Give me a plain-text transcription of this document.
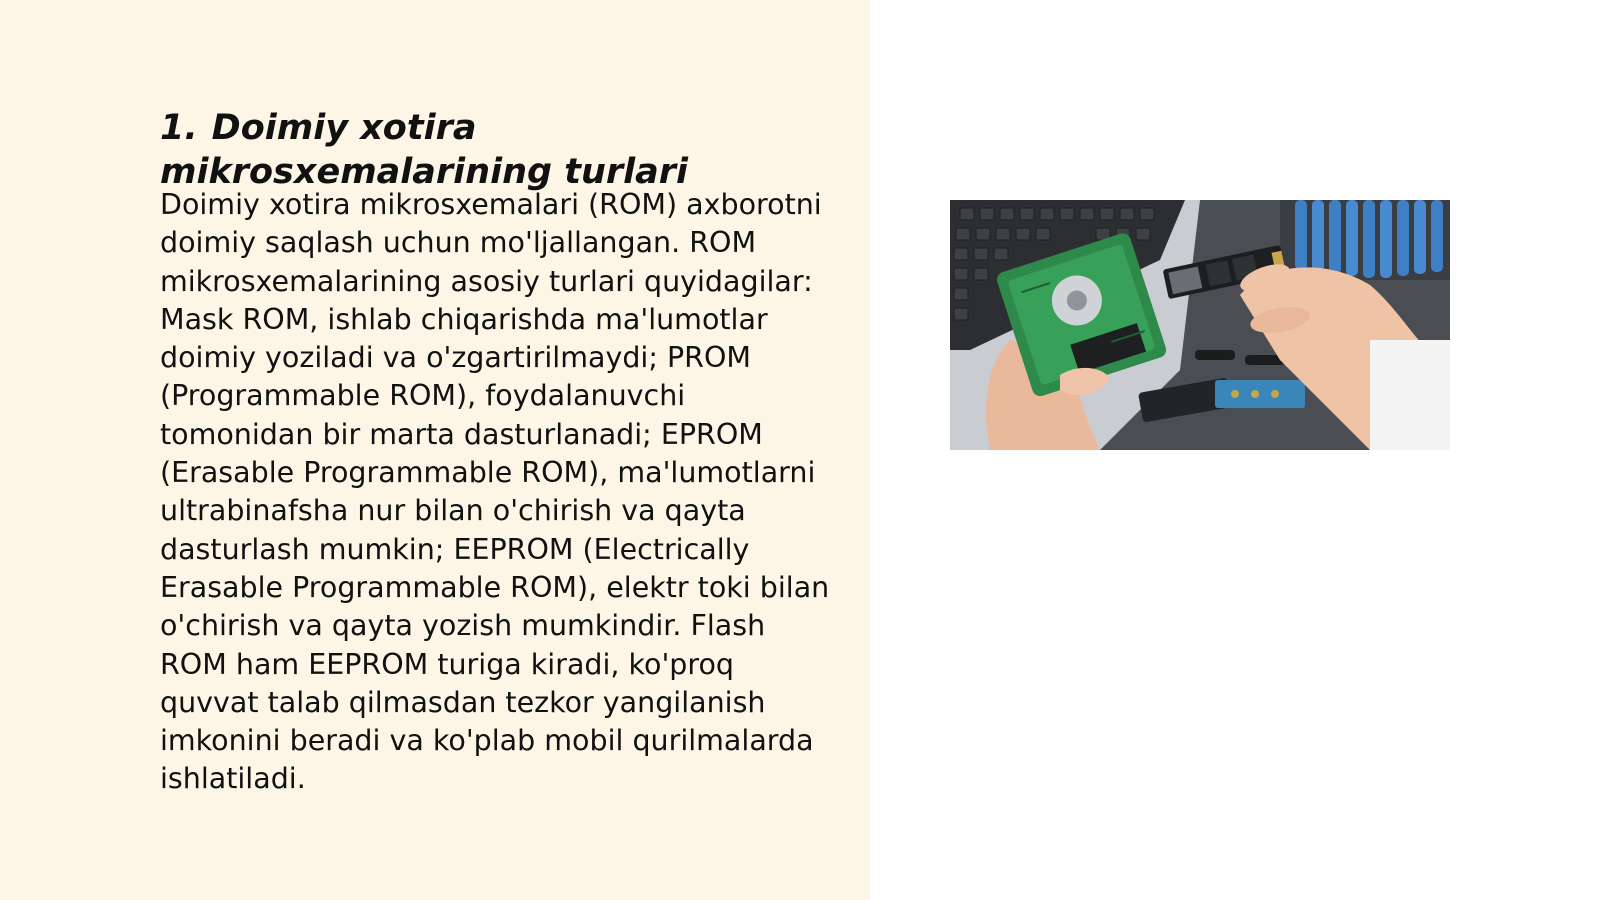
1. Doimiy xotira mikrosxemalarining turlari

Doimiy xotira mikrosxemalari (ROM) axborotni doimiy saqlash uchun mo'ljallangan. ROM mikrosxemalarining asosiy turlari quyidagilar: Mask ROM, ishlab chiqarishda ma'lumotlar doimiy yoziladi va o'zgartirilmaydi; PROM (Programmable ROM), foydalanuvchi tomonidan bir marta dasturlanadi; EPROM (Erasable Programmable ROM), ma'lumotlarni ultrabinafsha nur bilan o'chirish va qayta dasturlash mumkin; EEPROM (Electrically Erasable Programmable ROM), elektr toki bilan o'chirish va qayta yozish mumkindir. Flash ROM ham EEPROM turiga kiradi, ko'proq quvvat talab qilmasdan tezkor yangilanish imkonini beradi va ko'plab mobil qurilmalarda ishlatiladi.
